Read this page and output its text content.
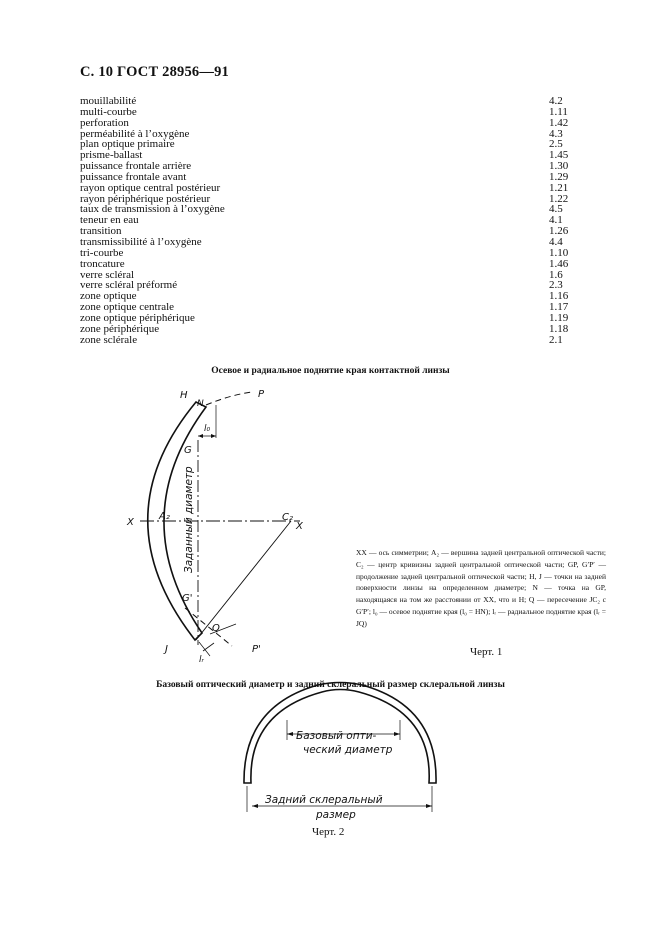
С. 10 ГОСТ 28956—91
mouillabilité	4.2
multi-courbe	1.11
perforation	1.42
perméabilité à l’oxygène	4.3
plan optique primaire	2.5
prisme-ballast	1.45
puissance frontale arrière	1.30
puissance frontale avant	1.29
rayon optique central postérieur	1.21
rayon périphérique postérieur	1.22
taux de transmission à l’oxygène	4.5
teneur en eau	4.1
transition	1.26
transmissibilité à l’oxygène	4.4
tri-courbe	1.10
troncature	1.46
verre scléral	1.6
verre scléral préformé	2.3
zone optique	1.16
zone optique centrale	1.17
zone optique périphérique	1.19
zone périphérique	1.18
zone sclérale	2.1
Осевое и радиальное поднятие края контактной линзы
H
N
P
l₀
G
X
A₂	C₂
X
G'
Q
J
lᵣ
P'
Заданный диаметр
Базовый опти-
ческий диаметр
Задний склеральный
размер
XX — ось симметрии; A₂ — вершина задней центральной оптической части; C₂ — центр кривизны задней центральной оптической части; GP, G′P′ — продолжение задней центральной оптической части; H, J — точки на задней поверхности линзы на определенном диаметре; N — точка на GP, находящаяся на том же расстоянии от XX, что и H; Q — пересечение JC₂ с G′P′; l₀ — осевое поднятие края (l₀ = HN); lᵣ — радиальное поднятие края (lᵣ = JQ)
Черт. 1
Базовый оптический диаметр и задний склеральный размер склеральной линзы
Черт. 2
